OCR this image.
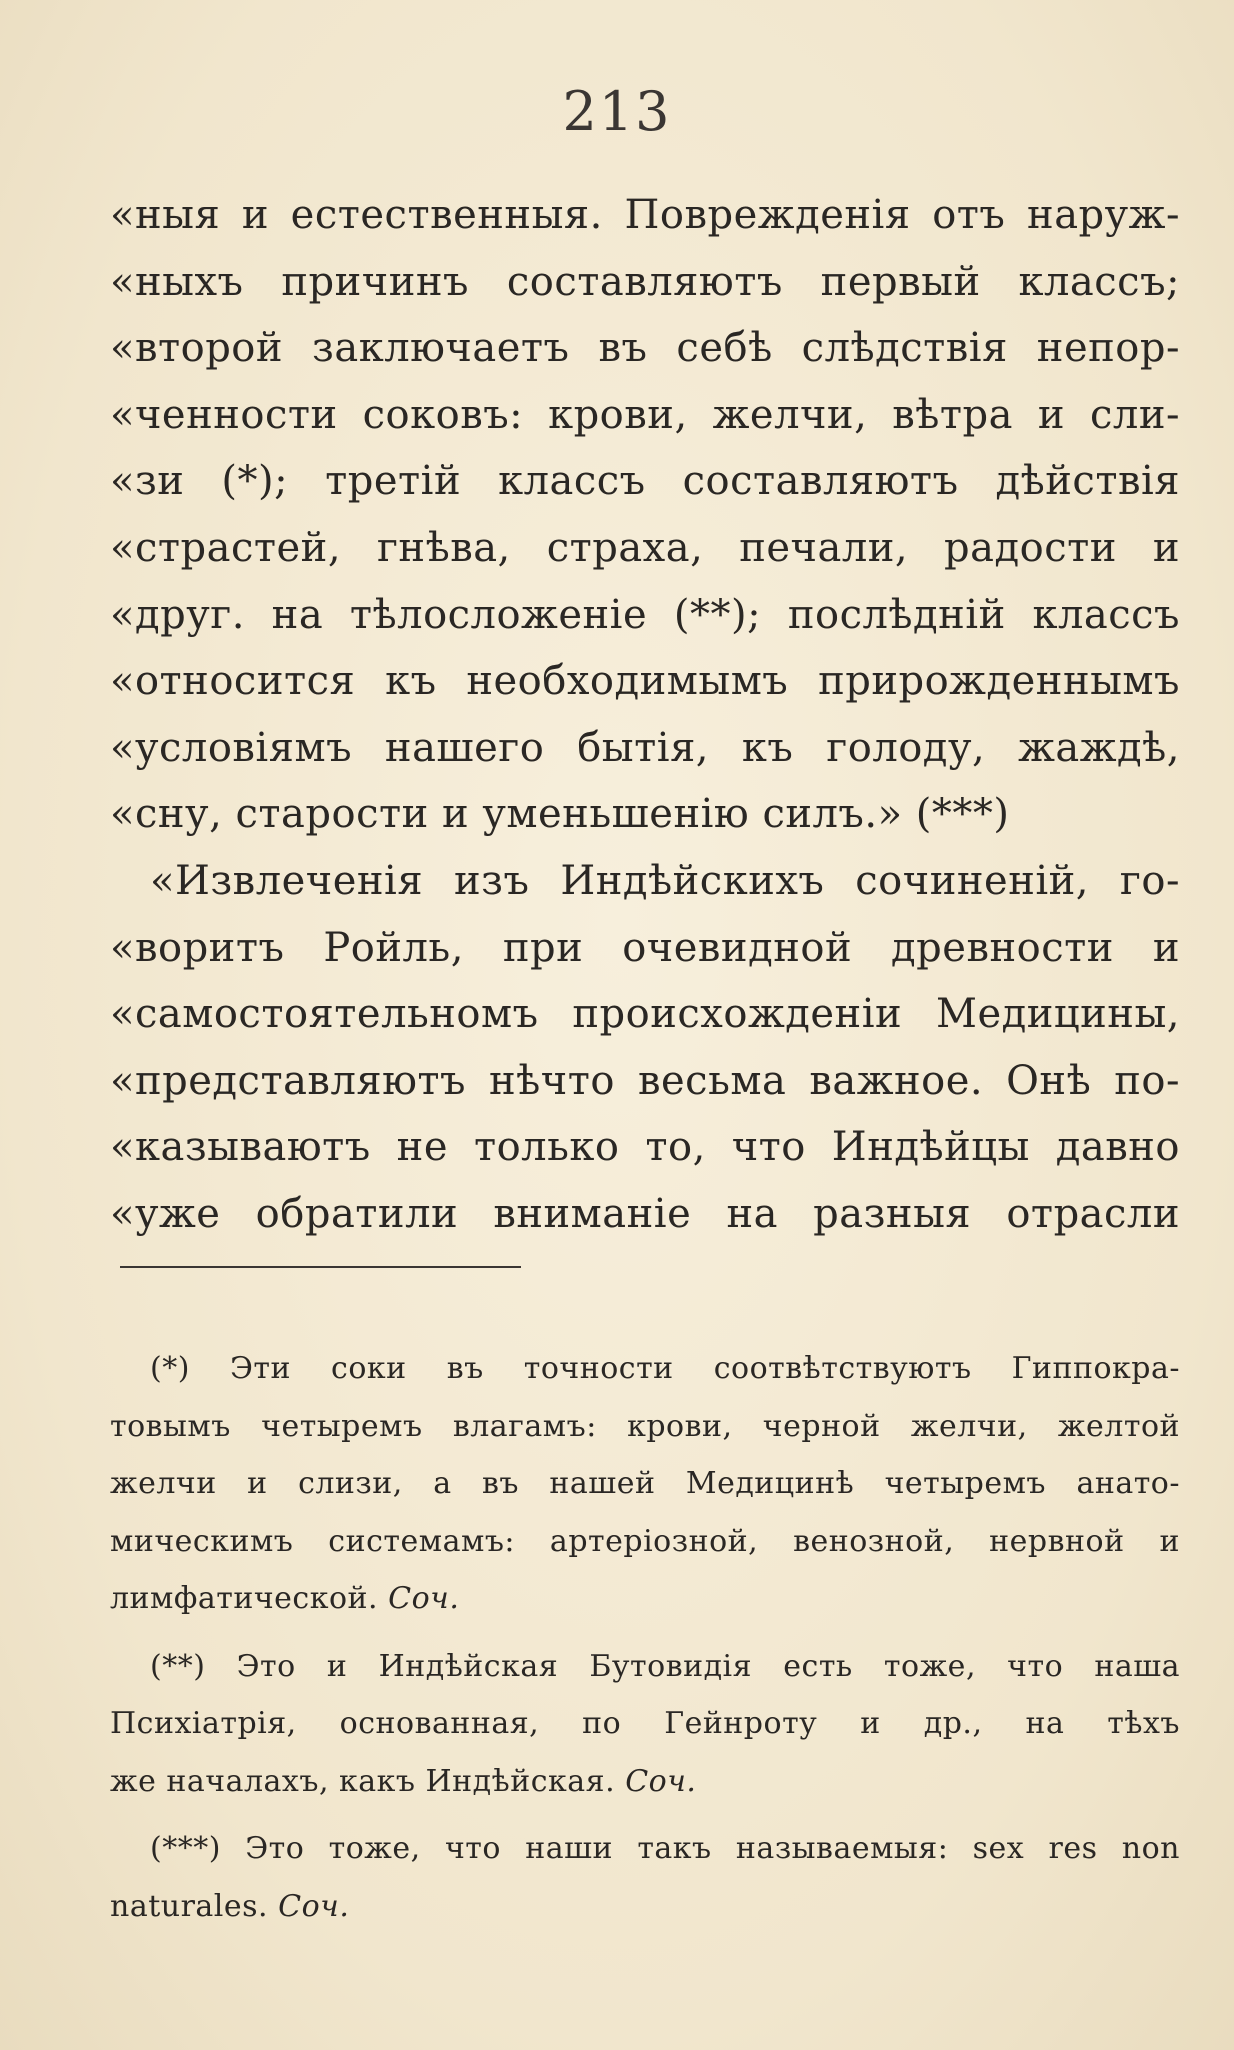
213
«ныя и естественныя. Поврежденія отъ наруж-
«ныхъ причинъ составляютъ первый классъ;
«второй заключаетъ въ себѣ слѣдствія непор-
«ченности соковъ: крови, желчи, вѣтра и сли-
«зи (*); третій классъ составляютъ дѣйствія
«страстей, гнѣва, страха, печали, радости и
«друг. на тѣлосложеніе (**); послѣдній классъ
«относится къ необходимымъ прирожденнымъ
«условіямъ нашего бытія, къ голоду, жаждѣ,
«сну, старости и уменьшенію силъ.» (***)
«Извлеченія изъ Индѣйскихъ сочиненій, го-
«воритъ Ройль, при очевидной древности и
«самостоятельномъ происхожденіи Медицины,
«представляютъ нѣчто весьма важное. Онѣ по-
«казываютъ не только то, что Индѣйцы давно
«уже обратили вниманіе на разныя отрасли
(*) Эти соки въ точности соотвѣтствуютъ Гиппокра-
товымъ четыремъ влагамъ: крови, черной желчи, желтой
желчи и слизи, а въ нашей Медицинѣ четыремъ анато-
мическимъ системамъ: артеріозной, венозной, нервной и
лимфатической. Соч.
(**) Это и Индѣйская Бутовидія есть тоже, что наша
Психіатрія, основанная, по Гейнроту и др., на тѣхъ
же началахъ, какъ Индѣйская. Соч.
(***) Это тоже, что наши такъ называемыя: sex res non
naturales. Соч.
